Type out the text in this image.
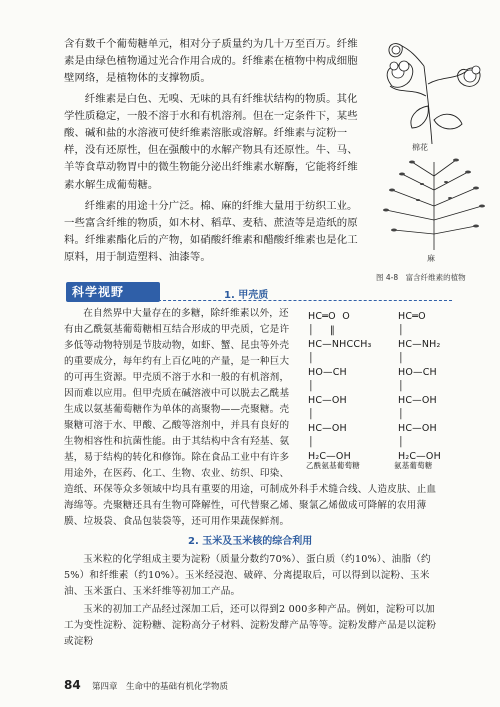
含有数千个葡萄糖单元，相对分子质量约为几十万至百万。纤维素是由绿色植物通过光合作用合成的。纤维素在植物中构成细胞壁网络，是植物体的支撑物质。
纤维素是白色、无嗅、无味的具有纤维状结构的物质。其化学性质稳定，一般不溶于水和有机溶剂。但在一定条件下，某些酸、碱和盐的水溶液可使纤维素溶胀或溶解。纤维素与淀粉一样，没有还原性，但在强酸中的水解产物具有还原性。牛、马、羊等食草动物胃中的微生物能分泌出纤维素水解酶，它能将纤维素水解生成葡萄糖。
纤维素的用途十分广泛。棉、麻的纤维大量用于纺织工业。一些富含纤维的物质，如木材、稻草、麦秸、蔗渣等是造纸的原料。纤维素酯化后的产物，如硝酸纤维素和醋酸纤维素也是化工原料，用于制造塑料、油漆等。
棉花
麻
图 4-8　富含纤维素的植物
科学视野	1. 甲壳质
HC═O  O
│     ‖
HC—NHCCH₃
│
HO—CH
│
HC—OH
│
HC—OH
│
H₂C—OH
HC═O
│
HC—NH₂
│
HO—CH
│
HC—OH
│
HC—OH
│
H₂C—OH
乙酰氨基葡萄糖	氨基葡萄糖
在自然界中大量存在的多糖，除纤维素以外，还有由乙酰氨基葡萄糖相互结合形成的甲壳质，它是许多低等动物特别是节肢动物，如虾、蟹、昆虫等外壳的重要成分，每年约有上百亿吨的产量，是一种巨大的可再生资源。甲壳质不溶于水和一般的有机溶剂，因而难以应用。但甲壳质在碱溶液中可以脱去乙酰基生成以氨基葡萄糖作为单体的高聚物——壳聚糖。壳聚糖可溶于水、甲酸、乙酸等溶剂中，并具有良好的生物相容性和抗菌性能。由于其结构中含有羟基、氨基，易于结构的转化和修饰。除在食品工业中有许多用途外，在医药、化工、生物、农业、纺织、印染、造纸、环保等众多领域中均具有重要的用途，可制成外科手术缝合线、人造皮肤、止血海绵等。壳聚糖还具有生物可降解性，可代替聚乙烯、聚氯乙烯做成可降解的农用薄膜、垃圾袋、食品包装袋等，还可用作果蔬保鲜剂。
2. 玉米及玉米核的综合利用
玉米粒的化学组成主要为淀粉（质量分数约70%）、蛋白质（约10%）、油脂（约5%）和纤维素（约10%）。玉米经浸泡、破碎、分离提取后，可以得到以淀粉、玉米油、玉米蛋白、玉米纤维等初加工产品。
玉米的初加工产品经过深加工后，还可以得到2 000多种产品。例如，淀粉可以加工为变性淀粉、淀粉糖、淀粉高分子材料、淀粉发酵产品等等。淀粉发酵产品是以淀粉或淀粉
84 第四章　生命中的基础有机化学物质
